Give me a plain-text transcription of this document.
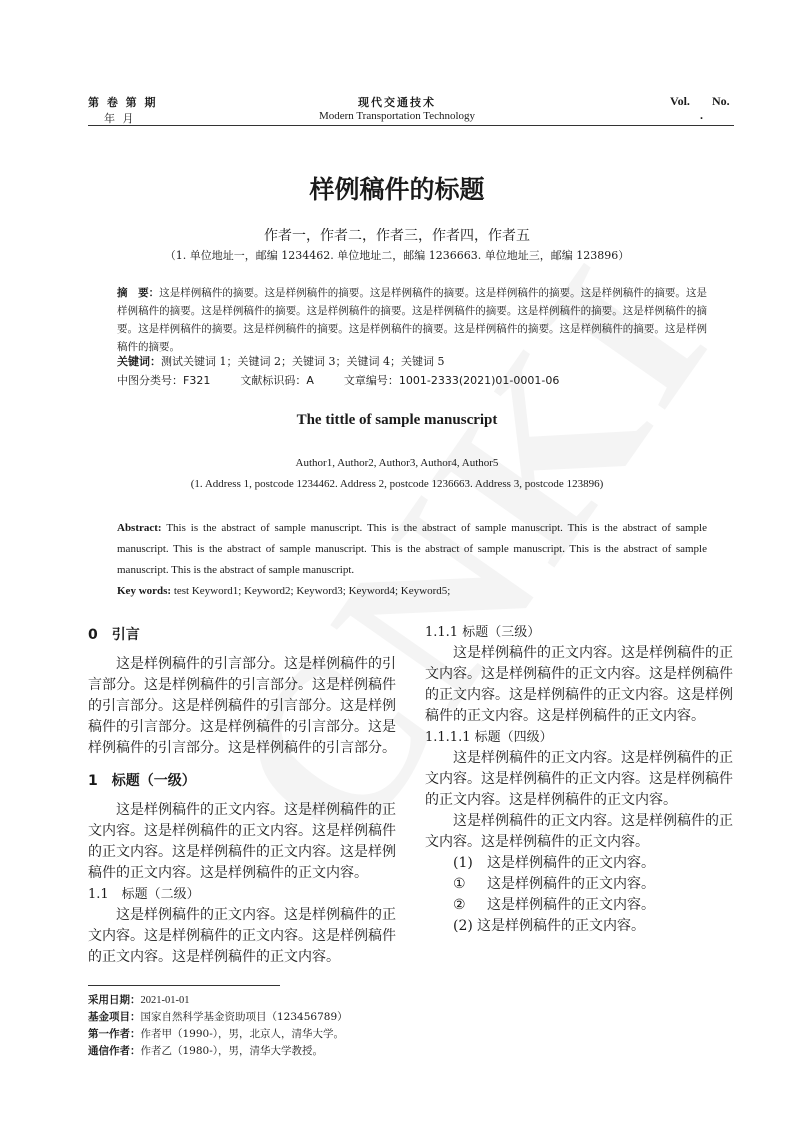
第 卷 第 期
年 月
现代交通技术
Modern Transportation Technology
Vol. No.
.
样例稿件的标题
作者一，作者二，作者三，作者四，作者五
（1. 单位地址一，邮编 1234462. 单位地址二，邮编 1236663. 单位地址三，邮编 123896）
摘　要：这是样例稿件的摘要。这是样例稿件的摘要。这是样例稿件的摘要。这是样例稿件的摘要。这是样例稿件的摘要。这是样例稿件的摘要。这是样例稿件的摘要。这是样例稿件的摘要。这是样例稿件的摘要。这是样例稿件的摘要。这是样例稿件的摘要。这是样例稿件的摘要。这是样例稿件的摘要。这是样例稿件的摘要。这是样例稿件的摘要。这是样例稿件的摘要。这是样例稿件的摘要。
关键词：测试关键词 1；关键词 2；关键词 3；关键词 4；关键词 5
中图分类号：F321	文献标识码：A	文章编号：1001-2333(2021)01-0001-06
The tittle of sample manuscript
Author1, Author2, Author3, Author4, Author5
(1. Address 1, postcode 1234462. Address 2, postcode 1236663. Address 3, postcode 123896)
Abstract: This is the abstract of sample manuscript. This is the abstract of sample manuscript. This is the abstract of sample manuscript. This is the abstract of sample manuscript. This is the abstract of sample manuscript. This is the abstract of sample manuscript. This is the abstract of sample manuscript.
Key words: test Keyword1; Keyword2; Keyword3; Keyword4; Keyword5;
0　引言

这是样例稿件的引言部分。这是样例稿件的引言部分。这是样例稿件的引言部分。这是样例稿件的引言部分。这是样例稿件的引言部分。这是样例稿件的引言部分。这是样例稿件的引言部分。这是样例稿件的引言部分。这是样例稿件的引言部分。

1　标题（一级）

这是样例稿件的正文内容。这是样例稿件的正文内容。这是样例稿件的正文内容。这是样例稿件的正文内容。这是样例稿件的正文内容。这是样例稿件的正文内容。这是样例稿件的正文内容。

1.1　标题（二级）

这是样例稿件的正文内容。这是样例稿件的正文内容。这是样例稿件的正文内容。这是样例稿件的正文内容。这是样例稿件的正文内容。

1.1.1 标题（三级）

这是样例稿件的正文内容。这是样例稿件的正文内容。这是样例稿件的正文内容。这是样例稿件的正文内容。这是样例稿件的正文内容。这是样例稿件的正文内容。这是样例稿件的正文内容。

1.1.1.1 标题（四级）

这是样例稿件的正文内容。这是样例稿件的正文内容。这是样例稿件的正文内容。这是样例稿件的正文内容。这是样例稿件的正文内容。

这是样例稿件的正文内容。这是样例稿件的正文内容。这是样例稿件的正文内容。

(1) 这是样例稿件的正文内容。

① 这是样例稿件的正文内容。

② 这是样例稿件的正文内容。

(2) 这是样例稿件的正文内容。

采用日期：2021-01-01
基金项目：国家自然科学基金资助项目（123456789）
第一作者：作者甲（1990-），男，北京人，清华大学。
通信作者：作者乙（1980-），男，清华大学教授。
